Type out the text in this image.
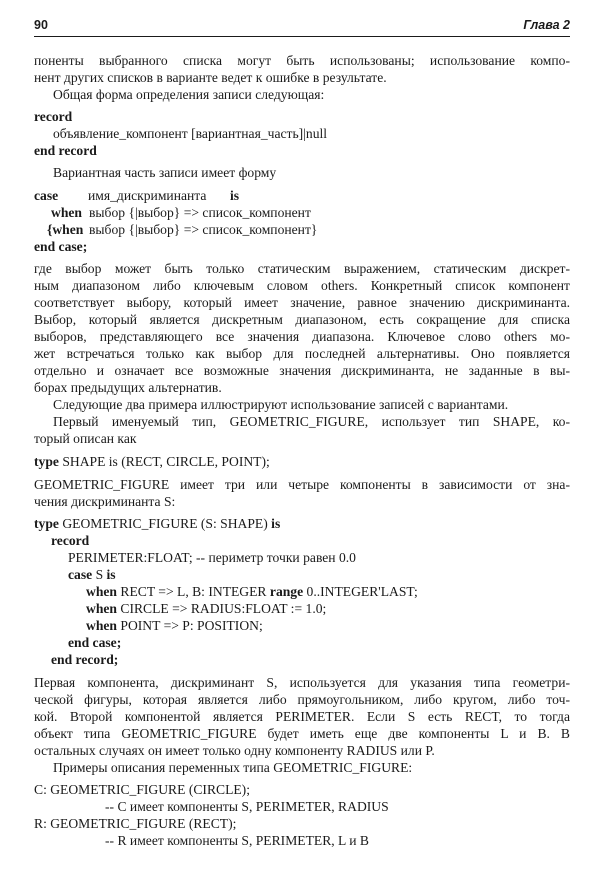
90	Глава 2
поненты выбранного списка могут быть использованы; использование компо-
нент других списков в варианте ведет к ошибке в результате.
Общая форма определения записи следующая:
record
объявление_компонент [вариантная_часть]|null
end record
Вариантная часть записи имеет форму
case имя_дискриминанта is
when выбор {|выбор} => список_компонент
{when выбор {|выбор} => список_компонент}
end case;
где выбор может быть только статическим выражением, статическим дискрет-
ным диапазоном либо ключевым словом others. Конкретный список компонент
соответствует выбору, который имеет значение, равное значению дискриминанта.
Выбор, который является дискретным диапазоном, есть сокращение для списка
выборов, представляющего все значения диапазона. Ключевое слово others мо-
жет встречаться только как выбор для последней альтернативы. Оно появляется
отдельно и означает все возможные значения дискриминанта, не заданные в вы-
борах предыдущих альтернатив.
Следующие два примера иллюстрируют использование записей с вариантами.
Первый именуемый тип, GEOMETRIC_FIGURE, использует тип SHAPE, ко-
торый описан как
type SHAPE is (RECT, CIRCLE, POINT);
GEOMETRIC_FIGURE имеет три или четыре компоненты в зависимости от зна-
чения дискриминанта S:
type GEOMETRIC_FIGURE (S: SHAPE) is
record
PERIMETER:FLOAT; -- периметр точки равен 0.0
case S is
when RECT => L, B: INTEGER range 0..INTEGER'LAST;
when CIRCLE => RADIUS:FLOAT := 1.0;
when POINT => P: POSITION;
end case;
end record;
Первая компонента, дискриминант S, используется для указания типа геометри-
ческой фигуры, которая является либо прямоугольником, либо кругом, либо точ-
кой. Второй компонентой является PERIMETER. Если S есть RECT, то тогда
объект типа GEOMETRIC_FIGURE будет иметь еще две компоненты L и B. В
остальных случаях он имеет только одну компоненту RADIUS или P.
Примеры описания переменных типа GEOMETRIC_FIGURE:
C: GEOMETRIC_FIGURE (CIRCLE);
-- C имеет компоненты S, PERIMETER, RADIUS
R: GEOMETRIC_FIGURE (RECT);
-- R имеет компоненты S, PERIMETER, L и B
